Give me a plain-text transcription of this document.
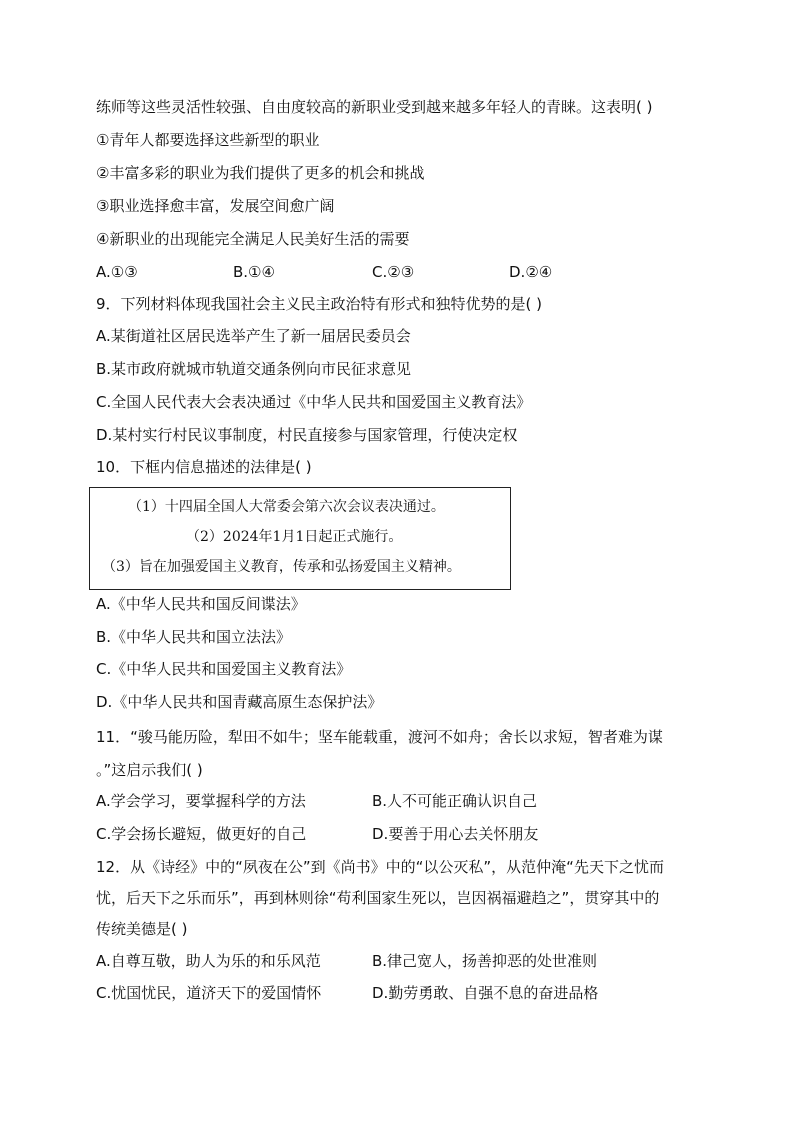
练师等这些灵活性较强、自由度较高的新职业受到越来越多年轻人的青睐。这表明( )
①青年人都要选择这些新型的职业
②丰富多彩的职业为我们提供了更多的机会和挑战
③职业选择愈丰富，发展空间愈广阔
④新职业的出现能完全满足人民美好生活的需要
A.①③	B.①④	C.②③	D.②④
9．下列材料体现我国社会主义民主政治特有形式和独特优势的是( )
A.某街道社区居民选举产生了新一届居民委员会
B.某市政府就城市轨道交通条例向市民征求意见
C.全国人民代表大会表决通过《中华人民共和国爱国主义教育法》
D.某村实行村民议事制度，村民直接参与国家管理，行使决定权
10．下框内信息描述的法律是( )
（1）十四届全国人大常委会第六次会议表决通过。
（2）2024年1月1日起正式施行。
（3）旨在加强爱国主义教育，传承和弘扬爱国主义精神。
A.《中华人民共和国反间谍法》
B.《中华人民共和国立法法》
C.《中华人民共和国爱国主义教育法》
D.《中华人民共和国青藏高原生态保护法》
11．“骏马能历险，犁田不如牛；坚车能载重，渡河不如舟；舍长以求短，智者难为谋
。”这启示我们( )
A.学会学习，要掌握科学的方法	B.人不可能正确认识自己
C.学会扬长避短，做更好的自己	D.要善于用心去关怀朋友
12．从《诗经》中的“夙夜在公”到《尚书》中的“以公灭私”，从范仲淹“先天下之忧而
忧，后天下之乐而乐”，再到林则徐“苟利国家生死以，岂因祸福避趋之”，贯穿其中的
传统美德是( )
A.自尊互敬，助人为乐的和乐风范	B.律己宽人，扬善抑恶的处世准则
C.忧国忧民，道济天下的爱国情怀	D.勤劳勇敢、自强不息的奋进品格
